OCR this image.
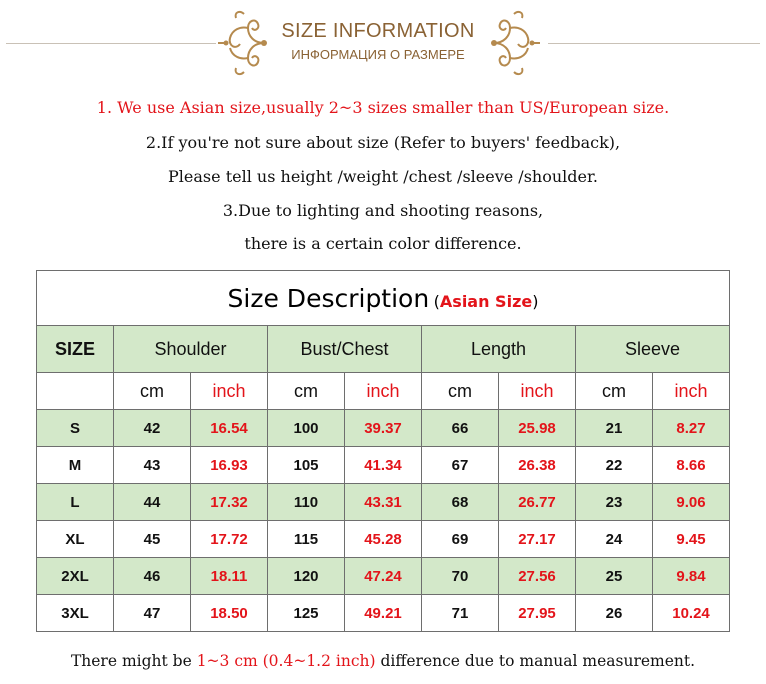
SIZE INFORMATION
ИНФОРМАЦИЯ О РАЗМЕРЕ
1. We use Asian size,usually 2~3 sizes smaller than US/European size.
2.If you're not sure about size (Refer to buyers' feedback),
Please tell us height /weight /chest /sleeve /shoulder.
3.Due to lighting and shooting reasons,
there is a certain color difference.
Size Description (Asian Size)								
SIZE	Shoulder		Bust/Chest		Length		Sleeve	
	cm	inch	cm	inch	cm	inch	cm	inch
S	42	16.54	100	39.37	66	25.98	21	8.27
M	43	16.93	105	41.34	67	26.38	22	8.66
L	44	17.32	110	43.31	68	26.77	23	9.06
XL	45	17.72	115	45.28	69	27.17	24	9.45
2XL	46	18.11	120	47.24	70	27.56	25	9.84
3XL	47	18.50	125	49.21	71	27.95	26	10.24
There might be 1~3 cm (0.4~1.2 inch) difference due to manual measurement.
